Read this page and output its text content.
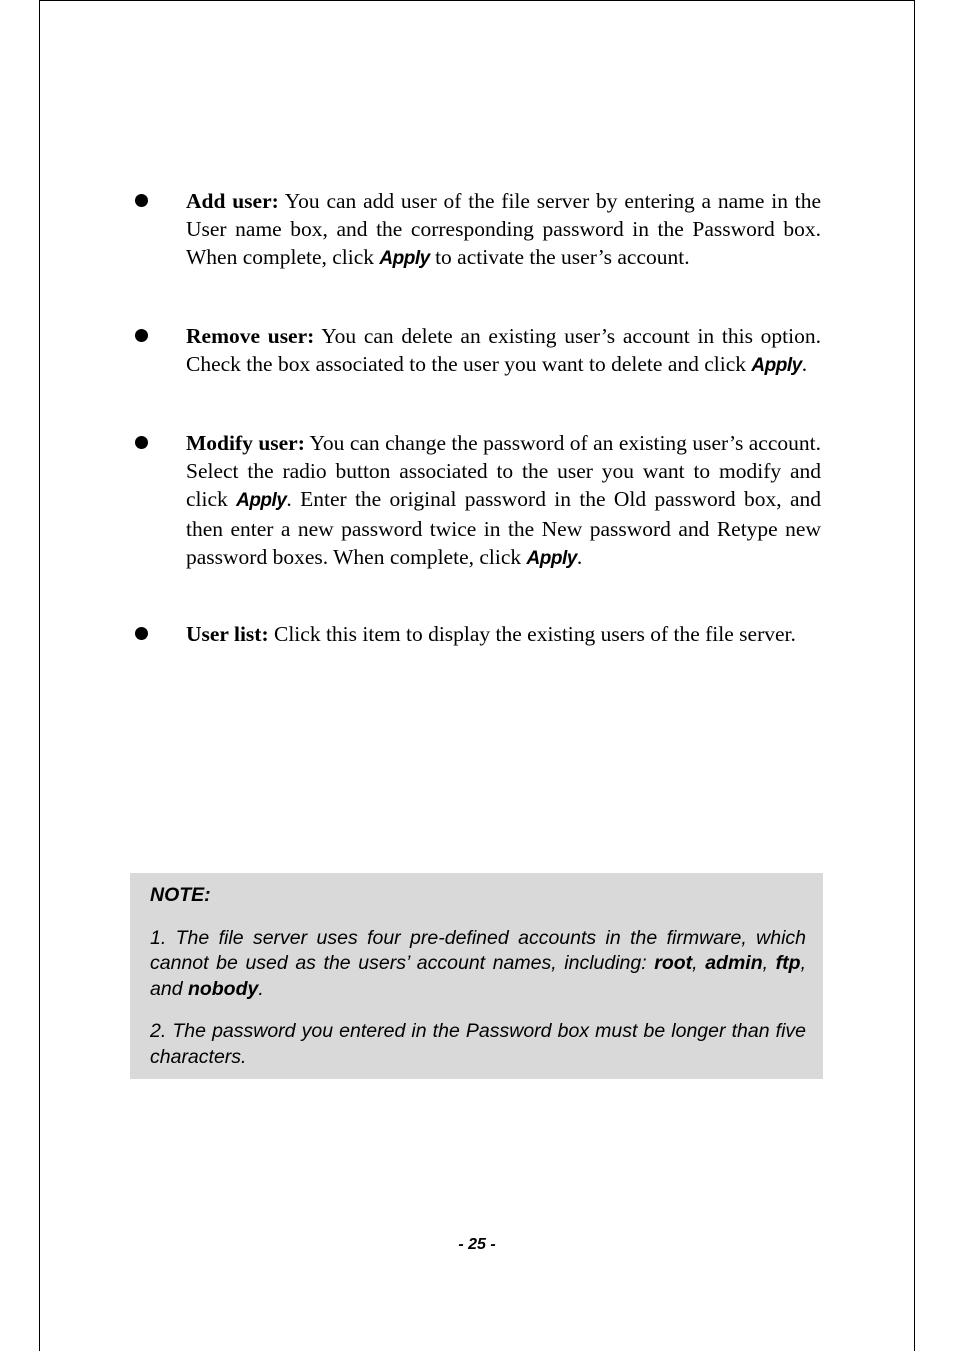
Add user: You can add user of the file server by entering a name in the User name box, and the corresponding password in the Password box. When complete, click Apply to activate the user’s account.
Remove user: You can delete an existing user’s account in this option. Check the box associated to the user you want to delete and click Apply.
Modify user: You can change the password of an existing user’s account. Select the radio button associated to the user you want to modify and click Apply. Enter the original password in the Old password box, and then enter a new password twice in the New password and Retype new password boxes. When complete, click Apply.
User list: Click this item to display the existing users of the file server.
NOTE:

1. The file server uses four pre-defined accounts in the firmware, which cannot be used as the users’ account names, including: root, admin, ftp, and nobody.

2. The password you entered in the Password box must be longer than five characters.

- 25 -
